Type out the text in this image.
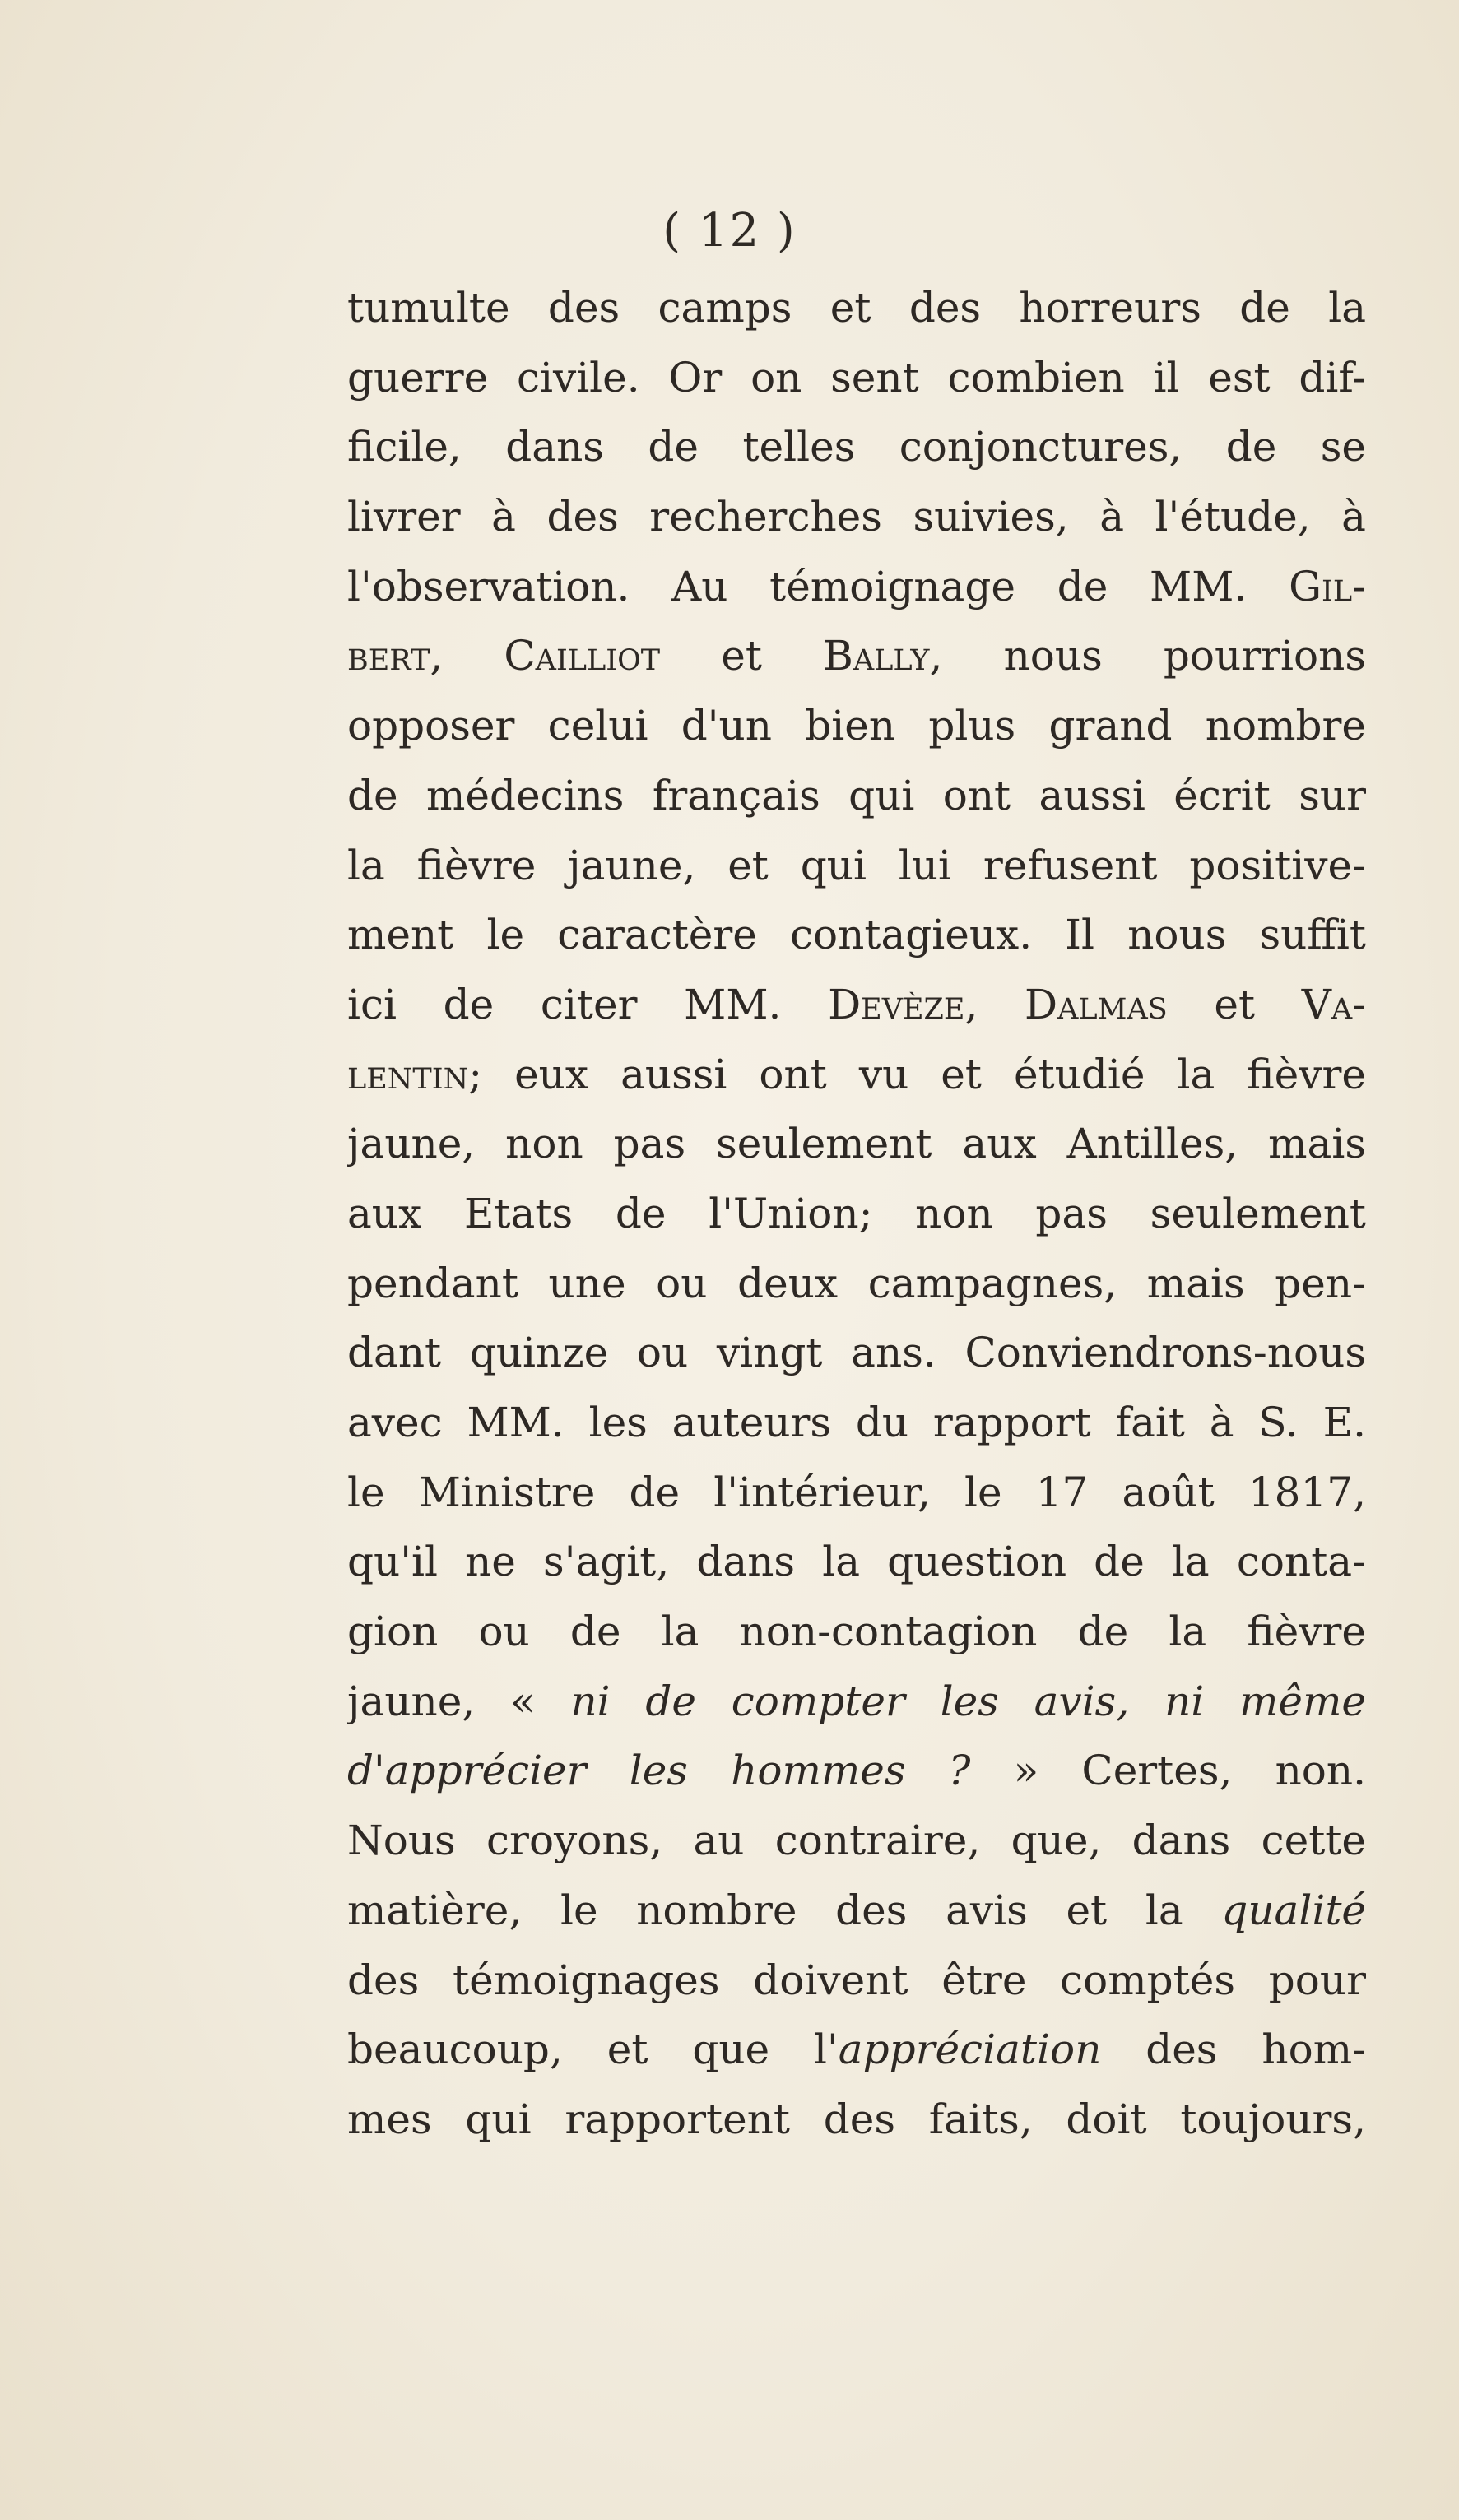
( 12 )
tumulte des camps et des horreurs de la
guerre civile. Or on sent combien il est dif-
ficile, dans de telles conjonctures, de se
livrer à des recherches suivies, à l'étude, à
l'observation. Au témoignage de MM. Gil-
bert, Cailliot et Bally, nous pourrions
opposer celui d'un bien plus grand nombre
de médecins français qui ont aussi écrit sur
la fièvre jaune, et qui lui refusent positive-
ment le caractère contagieux. Il nous suffit
ici de citer MM. Devèze, Dalmas et Va-
lentin; eux aussi ont vu et étudié la fièvre
jaune, non pas seulement aux Antilles, mais
aux Etats de l'Union; non pas seulement
pendant une ou deux campagnes, mais pen-
dant quinze ou vingt ans. Conviendrons-nous
avec MM. les auteurs du rapport fait à S. E.
le Ministre de l'intérieur, le 17 août 1817,
qu'il ne s'agit, dans la question de la conta-
gion ou de la non-contagion de la fièvre
jaune, « ni de compter les avis, ni même
d'apprécier les hommes ? » Certes, non.
Nous croyons, au contraire, que, dans cette
matière, le nombre des avis et la qualité
des témoignages doivent être comptés pour
beaucoup, et que l'appréciation des hom-
mes qui rapportent des faits, doit toujours,
